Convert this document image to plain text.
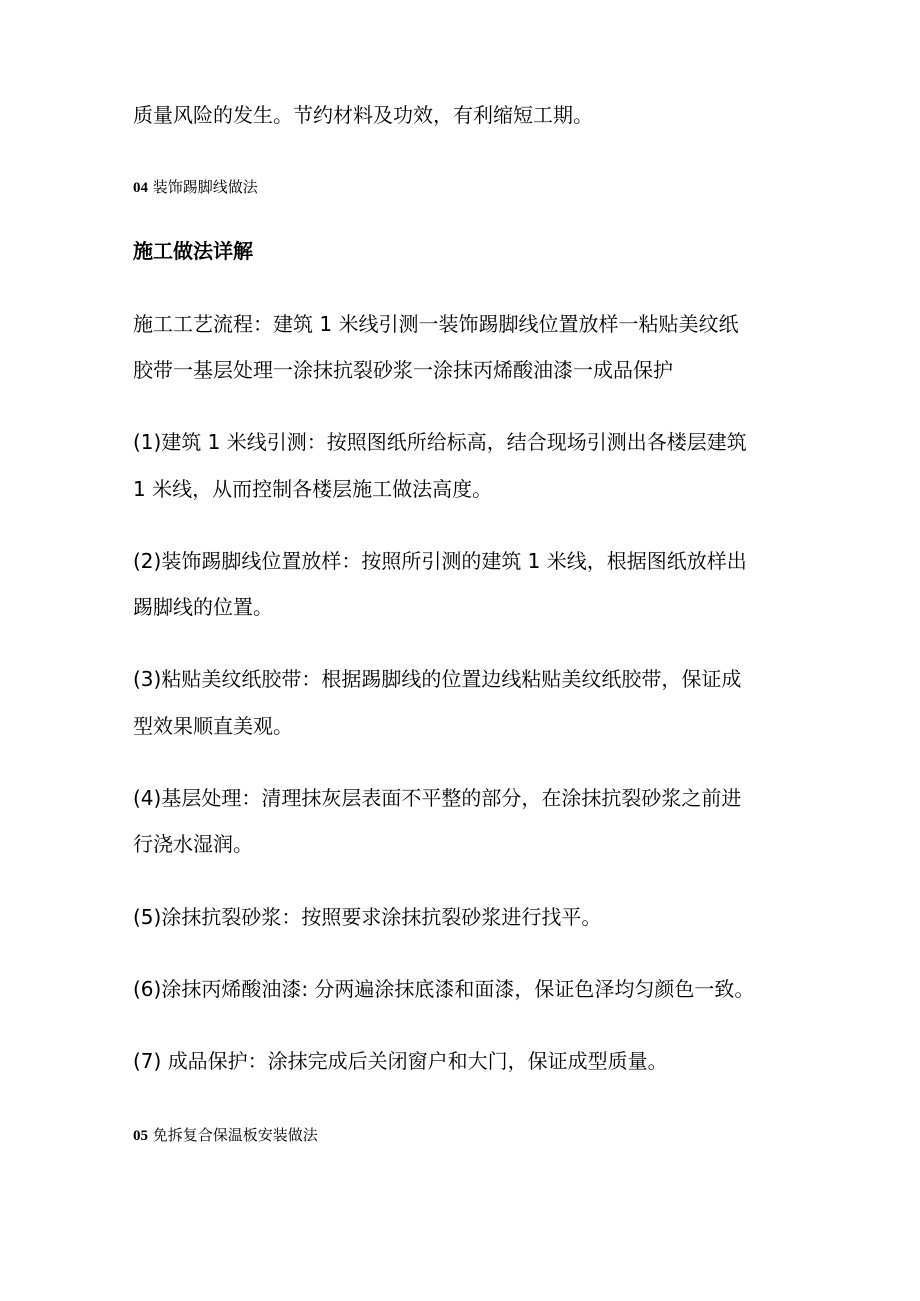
质量风险的发生。节约材料及功效，有利缩短工期。
04 装饰踢脚线做法
施工做法详解
施工工艺流程：建筑 1 米线引测一装饰踢脚线位置放样一粘贴美纹纸
胶带一基层处理一涂抹抗裂砂浆一涂抹丙烯酸油漆一成品保护
(1)建筑 1 米线引测：按照图纸所给标高，结合现场引测出各楼层建筑
1 米线，从而控制各楼层施工做法高度。
(2)装饰踢脚线位置放样：按照所引测的建筑 1 米线，根据图纸放样出
踢脚线的位置。
(3)粘贴美纹纸胶带：根据踢脚线的位置边线粘贴美纹纸胶带，保证成
型效果顺直美观。
(4)基层处理：清理抹灰层表面不平整的部分，在涂抹抗裂砂浆之前进
行浇水湿润。
(5)涂抹抗裂砂浆：按照要求涂抹抗裂砂浆进行找平。
(6)涂抹丙烯酸油漆: 分两遍涂抹底漆和面漆，保证色泽均匀颜色一致。
(7) 成品保护：涂抹完成后关闭窗户和大门，保证成型质量。
05 免拆复合保温板安装做法
